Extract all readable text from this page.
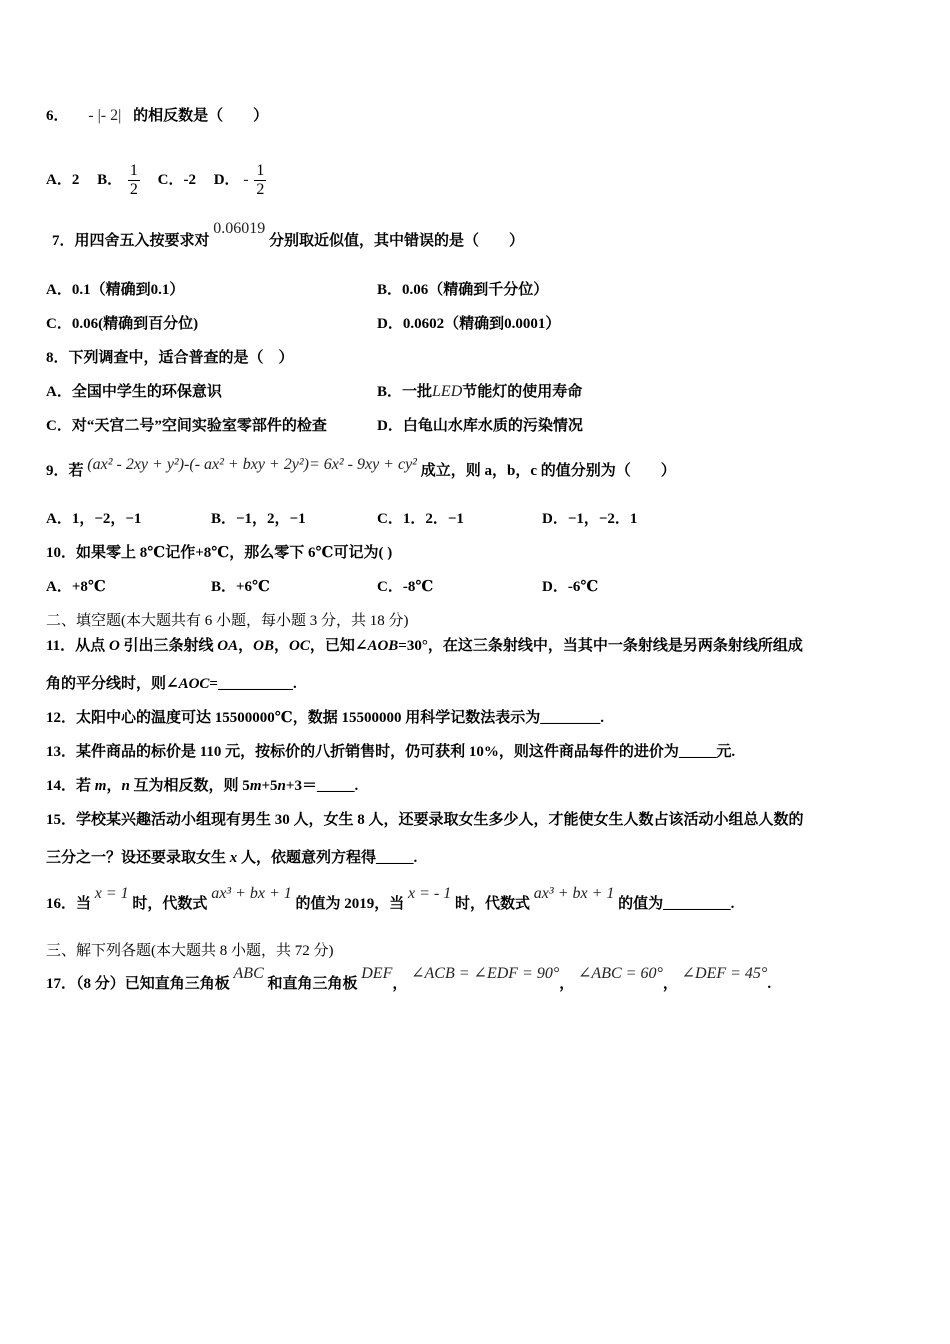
6． - |- 2| 的相反数是（　　）
A．2 B． $\frac{1}{2}$ C．-2 D． - $\frac{1}{2}$
7．用四舍五入按要求对 0.06019 分别取近似值，其中错误的是（　　）
A．0.1（精确到0.1）	B．0.06（精确到千分位）
C．0.06(精确到百分位)	D．0.0602（精确到0.0001）
8．下列调查中，适合普查的是（　）
A．全国中学生的环保意识	B．一批LED节能灯的使用寿命
C．对“天宫二号”空间实验室零部件的检查	D．白龟山水库水质的污染情况
9．若 (ax² - 2xy + y²)-(- ax² + bxy + 2y²)= 6x² - 9xy + cy² 成立，则 a，b，c 的值分别为（　　）
A．1，−2，−1	B．−1，2，−1	C．1．2．−1	D．−1，−2．1
10．如果零上 8℃记作+8℃，那么零下 6℃可记为( )
A．+8℃	B．+6℃	C．-8℃	D．-6℃
二、填空题(本大题共有 6 小题，每小题 3 分，共 18 分)
11．从点 O 引出三条射线 OA，OB，OC，已知∠AOB=30°，在这三条射线中，当其中一条射线是另两条射线所组成
角的平分线时，则∠AOC=__________.
12．太阳中心的温度可达 15500000℃，数据 15500000 用科学记数法表示为________.
13．某件商品的标价是 110 元，按标价的八折销售时，仍可获利 10%，则这件商品每件的进价为_____元.
14．若 m，n 互为相反数，则 5m+5n+3＝_____.
15．学校某兴趣活动小组现有男生 30 人，女生 8 人，还要录取女生多少人，才能使女生人数占该活动小组总人数的
三分之一？设还要录取女生 x 人，依题意列方程得_____.
16．当 x = 1 时，代数式 ax³ + bx + 1 的值为 2019，当 x = - 1 时，代数式 ax³ + bx + 1 的值为_________.
三、解下列各题(本大题共 8 小题，共 72 分)
17．（8 分）已知直角三角板 ABC 和直角三角板 DEF， ∠ACB = ∠EDF = 90°， ∠ABC = 60°， ∠DEF = 45°.
